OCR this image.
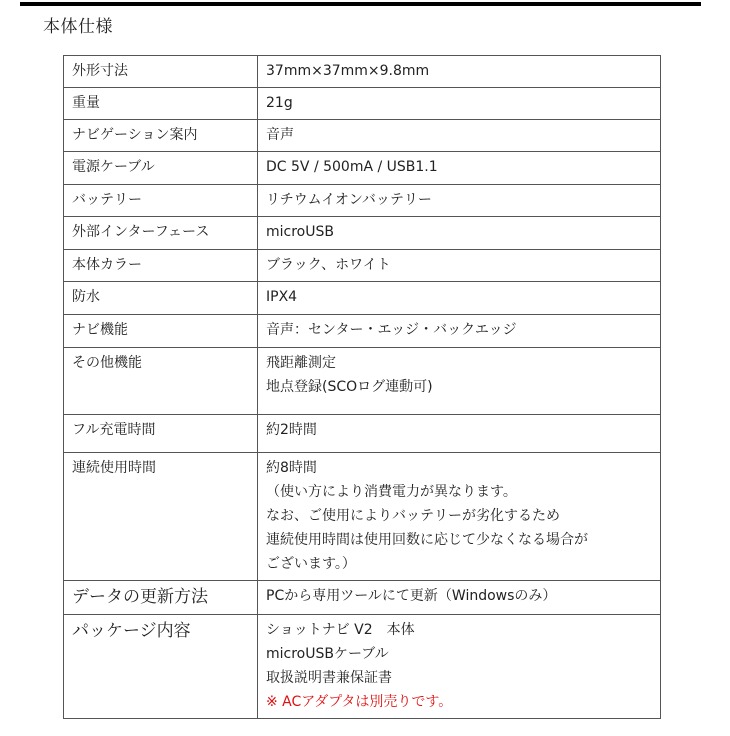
本体仕様
外形寸法	37mm×37mm×9.8mm

重量	21g

ナビゲーション案内	音声

電源ケーブル	DC 5V / 500mA / USB1.1

バッテリー	リチウムイオンバッテリー

外部インターフェース	microUSB

本体カラー	ブラック、ホワイト

防水	IPX4

ナビ機能	音声：センター・エッジ・バックエッジ

その他機能	飛距離測定
地点登録(SCOログ連動可)

フル充電時間	約2時間

連続使用時間	約8時間
（使い方により消費電力が異なります。
なお、ご使用によりバッテリーが劣化するため
連続使用時間は使用回数に応じて少なくなる場合が
ございます。）

データの更新方法	PCから専用ツールにて更新（Windowsのみ）

パッケージ内容	ショットナビ V2　本体
microUSBケーブル
取扱説明書兼保証書
※ ACアダプタは別売りです。
